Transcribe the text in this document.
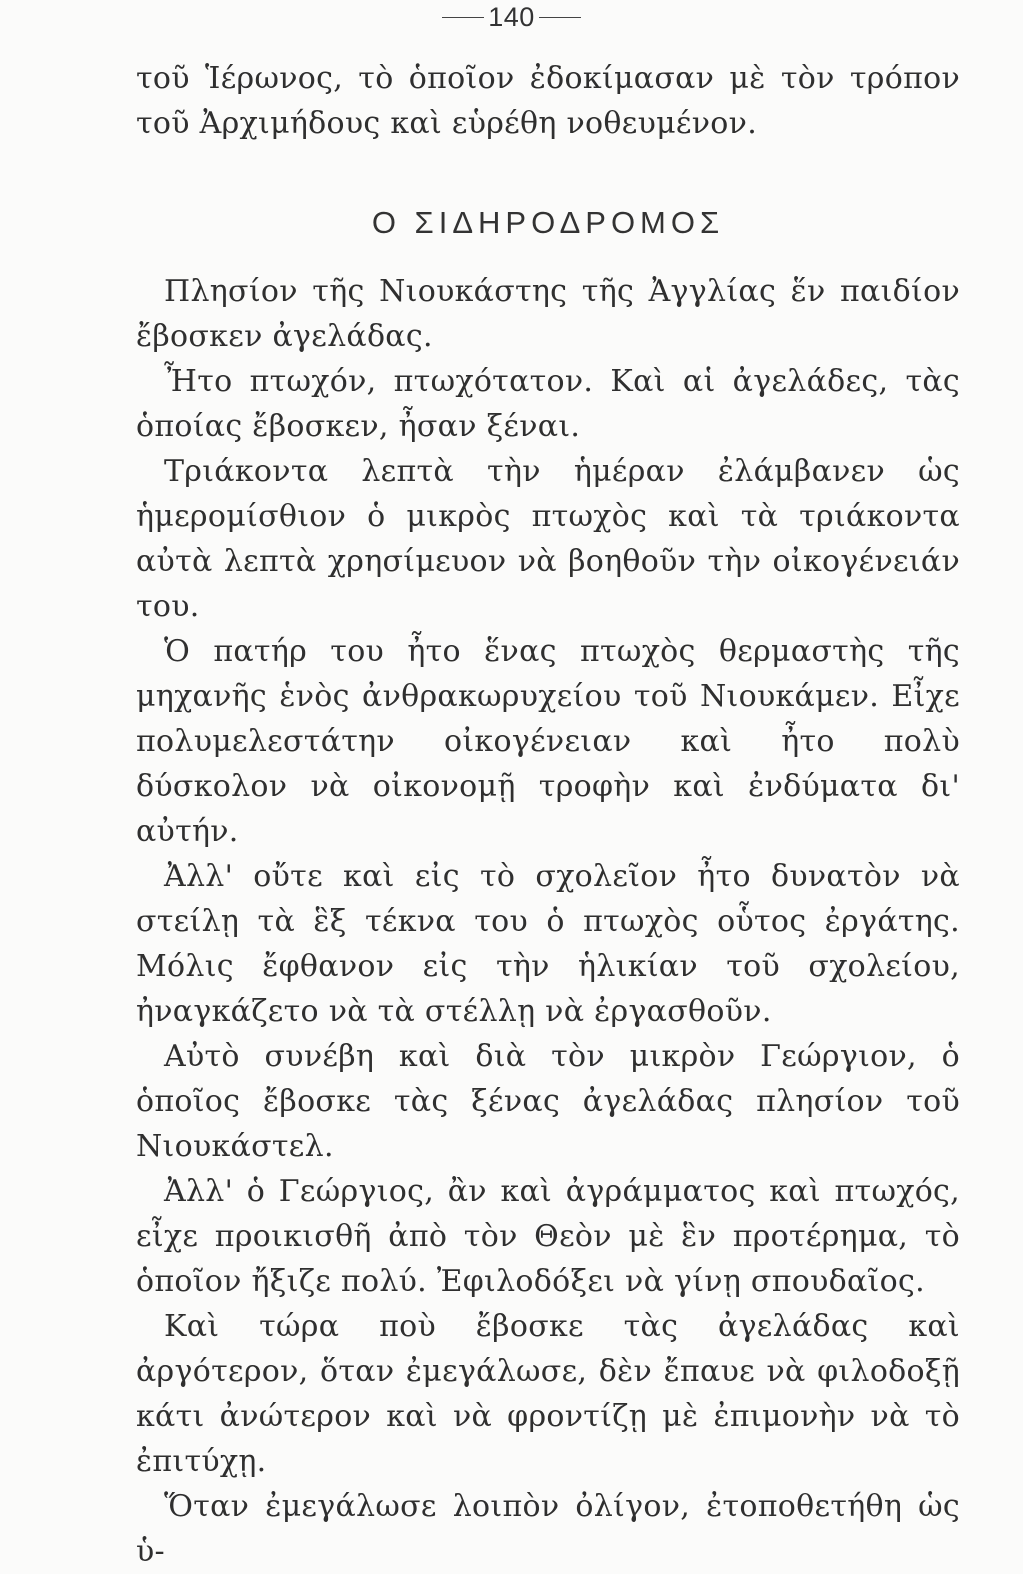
140

τοῦ Ἱέρωνος, τὸ ὁποῖον ἐδοκίμασαν μὲ τὸν τρόπον τοῦ Ἀρχιμήδους καὶ εὑρέθη νοθευμένον.

Ο ΣΙΔΗΡΟΔΡΟΜΟΣ

Πλησίον τῆς Νιουκάστης τῆς Ἀγγλίας ἕν παιδίον ἔβοσκεν ἀγελάδας.

Ἦτο πτωχόν, πτωχότατον. Καὶ αἱ ἀγελάδες, τὰς ὁποίας ἔβοσκεν, ἦσαν ξέναι.

Τριάκοντα λεπτὰ τὴν ἡμέραν ἐλάμβανεν ὡς ἡμερομίσθιον ὁ μικρὸς πτωχὸς καὶ τὰ τριάκοντα αὐτὰ λεπτὰ χρησίμευον νὰ βοηθοῦν τὴν οἰκογένειάν του.

Ὁ πατήρ του ἦτο ἕνας πτωχὸς θερμαστὴς τῆς μηχανῆς ἑνὸς ἀνθρακωρυχείου τοῦ Νιουκάμεν. Εἶχε πολυμελεστάτην οἰκογένειαν καὶ ἦτο πολὺ δύσκολον νὰ οἰκονομῇ τροφὴν καὶ ἐνδύματα δι' αὐτήν.

Ἀλλ' οὔτε καὶ εἰς τὸ σχολεῖον ἦτο δυνατὸν νὰ στείλῃ τὰ ἓξ τέκνα του ὁ πτωχὸς οὗτος ἐργάτης. Μόλις ἔφθανον εἰς τὴν ἡλικίαν τοῦ σχολείου, ἠναγκάζετο νὰ τὰ στέλλῃ νὰ ἐργασθοῦν.

Αὐτὸ συνέβη καὶ διὰ τὸν μικρὸν Γεώργιον, ὁ ὁποῖος ἔβοσκε τὰς ξένας ἀγελάδας πλησίον τοῦ Νιουκάστελ.

Ἀλλ' ὁ Γεώργιος, ἂν καὶ ἀγράμματος καὶ πτωχός, εἶχε προικισθῆ ἀπὸ τὸν Θεὸν μὲ ἓν προτέρημα, τὸ ὁποῖον ἤξιζε πολύ. Ἐφιλοδόξει νὰ γίνῃ σπουδαῖος.

Καὶ τώρα ποὺ ἔβοσκε τὰς ἀγελάδας καὶ ἀργότερον, ὅταν ἐμεγάλωσε, δὲν ἔπαυε νὰ φιλοδοξῇ κάτι ἀνώτερον καὶ νὰ φροντίζῃ μὲ ἐπιμονὴν νὰ τὸ ἐπιτύχῃ.

Ὅταν ἐμεγάλωσε λοιπὸν ὀλίγον, ἐτοποθετήθη ὡς ὑ-
